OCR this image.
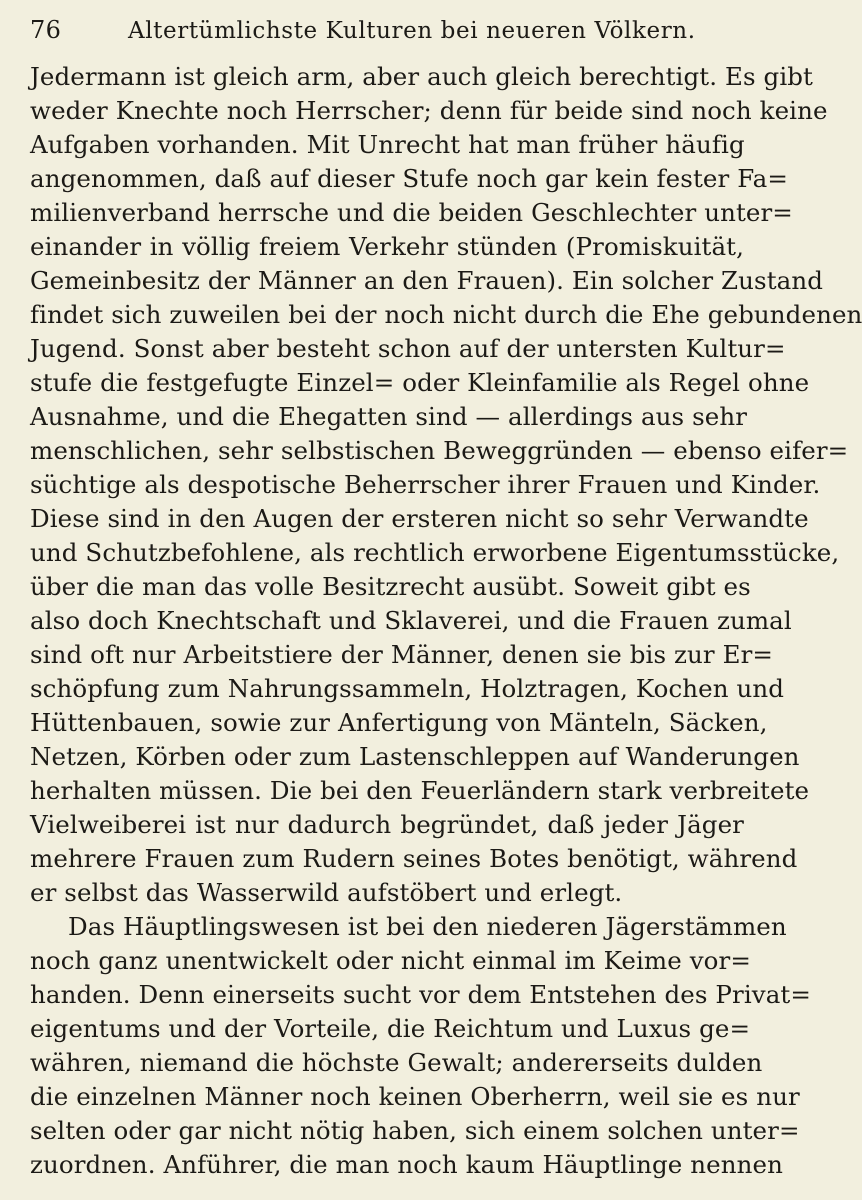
76	Altertümlichste Kulturen bei neueren Völkern.
Jedermann ist gleich arm, aber auch gleich berechtigt. Es gibt
weder Knechte noch Herrscher; denn für beide sind noch keine
Aufgaben vorhanden. Mit Unrecht hat man früher häufig
angenommen, daß auf dieser Stufe noch gar kein fester Fa=
milienverband herrsche und die beiden Geschlechter unter=
einander in völlig freiem Verkehr stünden (Promiskuität,
Gemeinbesitz der Männer an den Frauen). Ein solcher Zustand
findet sich zuweilen bei der noch nicht durch die Ehe gebundenen
Jugend. Sonst aber besteht schon auf der untersten Kultur=
stufe die festgefugte Einzel= oder Kleinfamilie als Regel ohne
Ausnahme, und die Ehegatten sind — allerdings aus sehr
menschlichen, sehr selbstischen Beweggründen — ebenso eifer=
süchtige als despotische Beherrscher ihrer Frauen und Kinder.
Diese sind in den Augen der ersteren nicht so sehr Verwandte
und Schutzbefohlene, als rechtlich erworbene Eigentumsstücke,
über die man das volle Besitzrecht ausübt. Soweit gibt es
also doch Knechtschaft und Sklaverei, und die Frauen zumal
sind oft nur Arbeitstiere der Männer, denen sie bis zur Er=
schöpfung zum Nahrungssammeln, Holztragen, Kochen und
Hüttenbauen, sowie zur Anfertigung von Mänteln, Säcken,
Netzen, Körben oder zum Lastenschleppen auf Wanderungen
herhalten müssen. Die bei den Feuerländern stark verbreitete
Vielweiberei ist nur dadurch begründet, daß jeder Jäger
mehrere Frauen zum Rudern seines Botes benötigt, während
er selbst das Wasserwild aufstöbert und erlegt.
Das Häuptlingswesen ist bei den niederen Jägerstämmen
noch ganz unentwickelt oder nicht einmal im Keime vor=
handen. Denn einerseits sucht vor dem Entstehen des Privat=
eigentums und der Vorteile, die Reichtum und Luxus ge=
währen, niemand die höchste Gewalt; andererseits dulden
die einzelnen Männer noch keinen Oberherrn, weil sie es nur
selten oder gar nicht nötig haben, sich einem solchen unter=
zuordnen. Anführer, die man noch kaum Häuptlinge nennen
